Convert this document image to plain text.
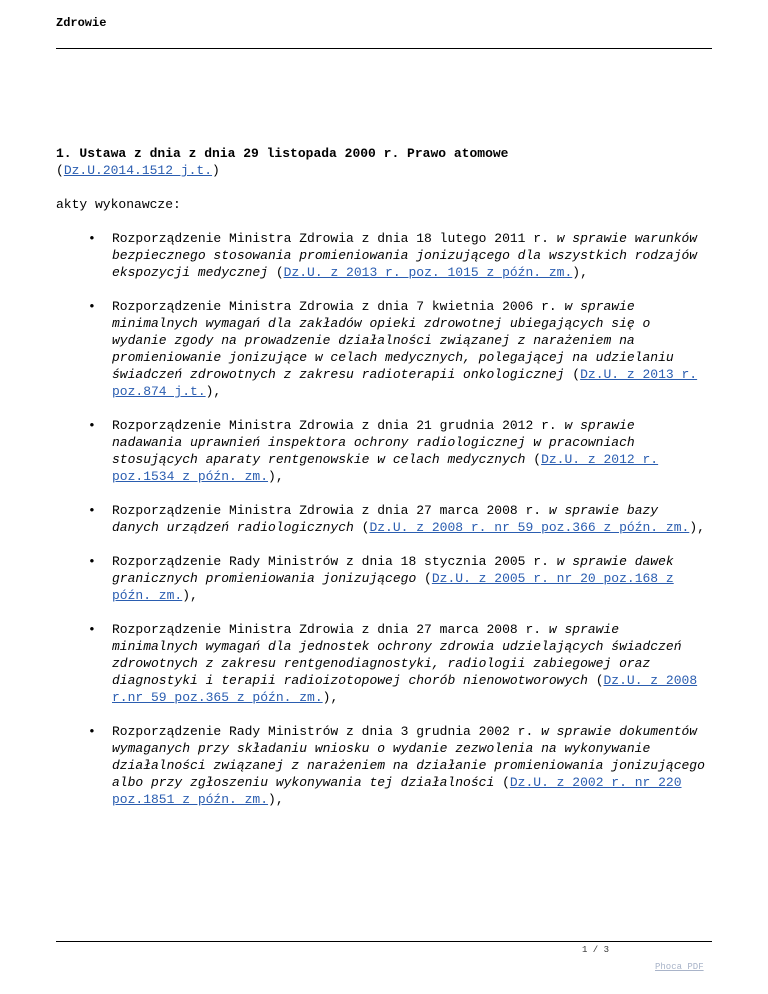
Zdrowie

1. Ustawa z dnia z dnia 29 listopada 2000 r. Prawo atomowe

(Dz.U.2014.1512 j.t.)

akty wykonawcze:

• Rozporządzenie Ministra Zdrowia z dnia 18 lutego 2011 r. w sprawie warunków bezpiecznego stosowania promieniowania jonizującego dla wszystkich rodzajów ekspozycji medycznej (Dz.U. z 2013 r. poz. 1015 z późn. zm.),
• Rozporządzenie Ministra Zdrowia z dnia 7 kwietnia 2006 r. w sprawie minimalnych wymagań dla zakładów opieki zdrowotnej ubiegających się o wydanie zgody na prowadzenie działalności związanej z narażeniem na promieniowanie jonizujące w celach medycznych, polegającej na udzielaniu świadczeń zdrowotnych z zakresu radioterapii onkologicznej (Dz.U. z 2013 r. poz.874 j.t.),
• Rozporządzenie Ministra Zdrowia z dnia 21 grudnia 2012 r. w sprawie nadawania uprawnień inspektora ochrony radiologicznej w pracowniach stosujących aparaty rentgenowskie w celach medycznych (Dz.U. z 2012 r. poz.1534 z późn. zm.),
• Rozporządzenie Ministra Zdrowia z dnia 27 marca 2008 r. w sprawie bazy danych urządzeń radiologicznych (Dz.U. z 2008 r. nr 59 poz.366 z późn. zm.),
• Rozporządzenie Rady Ministrów z dnia 18 stycznia 2005 r. w sprawie dawek granicznych promieniowania jonizującego (Dz.U. z 2005 r. nr 20 poz.168 z późn. zm.),
• Rozporządzenie Ministra Zdrowia z dnia 27 marca 2008 r. w sprawie minimalnych wymagań dla jednostek ochrony zdrowia udzielających świadczeń zdrowotnych z zakresu rentgenodiagnostyki, radiologii zabiegowej oraz diagnostyki i terapii radioizotopowej chorób nienowotworowych (Dz.U. z 2008 r.nr 59 poz.365 z późn. zm.),
• Rozporządzenie Rady Ministrów z dnia 3 grudnia 2002 r. w sprawie dokumentów wymaganych przy składaniu wniosku o wydanie zezwolenia na wykonywanie działalności związanej z narażeniem na działanie promieniowania jonizującego albo przy zgłoszeniu wykonywania tej działalności (Dz.U. z 2002 r. nr 220 poz.1851 z późn. zm.),
1 / 3
Phoca PDF
